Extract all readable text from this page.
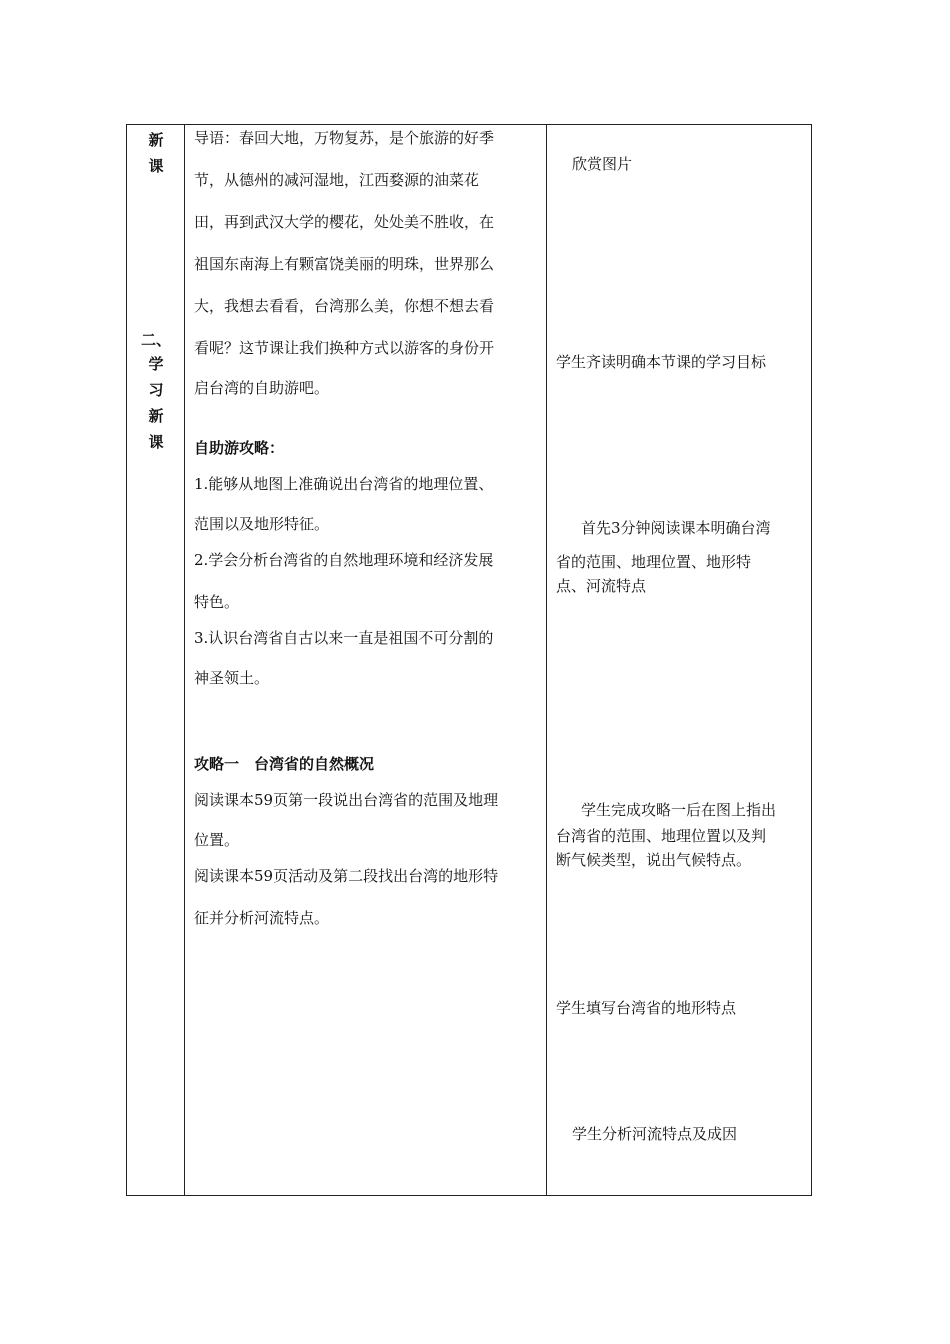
新
课
二、
学
习
新
课
导语：春回大地，万物复苏，是个旅游的好季
节，从德州的减河湿地，江西婺源的油菜花
田，再到武汉大学的樱花，处处美不胜收，在
祖国东南海上有颗富饶美丽的明珠，世界那么
大，我想去看看，台湾那么美，你想不想去看
看呢？这节课让我们换种方式以游客的身份开
启台湾的自助游吧。
自助游攻略：
1.能够从地图上准确说出台湾省的地理位置、
范围以及地形特征。
2.学会分析台湾省的自然地理环境和经济发展
特色。
3.认识台湾省自古以来一直是祖国不可分割的
神圣领土。
攻略一　台湾省的自然概况
阅读课本59页第一段说出台湾省的范围及地理
位置。
阅读课本59页活动及第二段找出台湾的地形特
征并分析河流特点。
欣赏图片
学生齐读明确本节课的学习目标
首先3分钟阅读课本明确台湾
省的范围、地理位置、地形特
点、河流特点
学生完成攻略一后在图上指出
台湾省的范围、地理位置以及判
断气候类型，说出气候特点。
学生填写台湾省的地形特点
学生分析河流特点及成因
